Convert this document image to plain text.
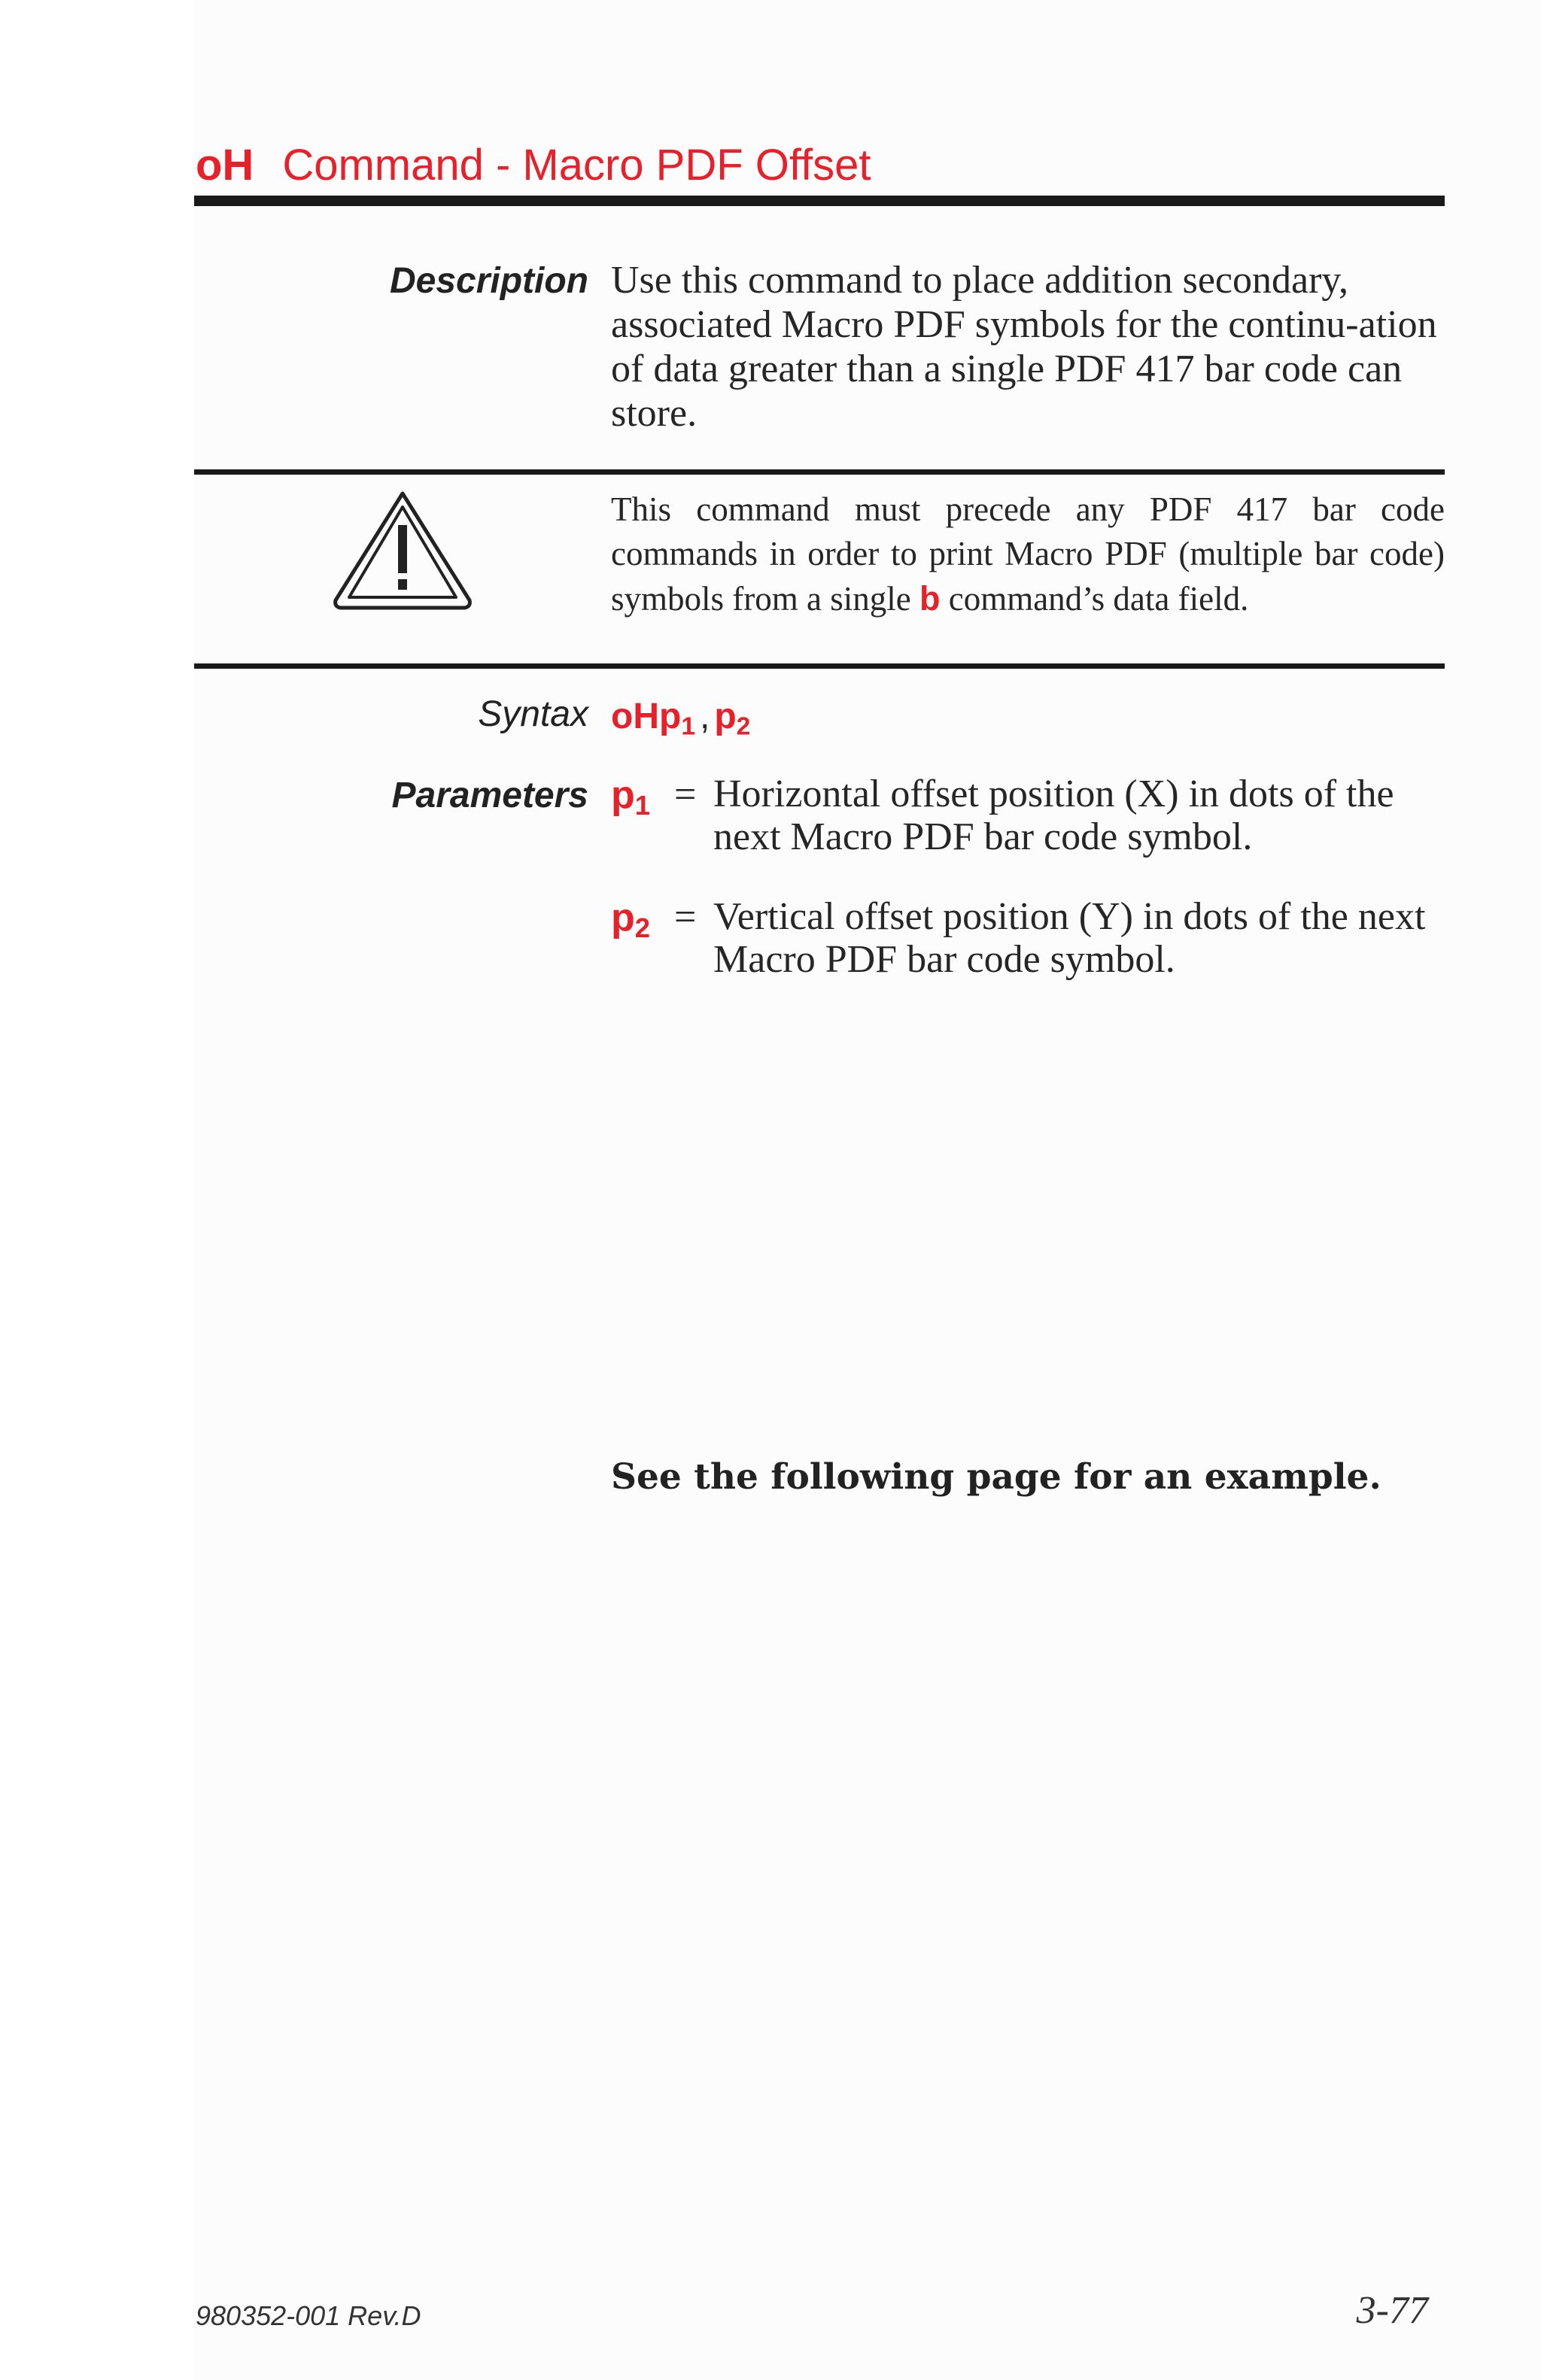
oH Command - Macro PDF Offset
Description Use this command to place addition secondary, associated Macro PDF symbols for the continu-ation of data greater than a single PDF 417 bar code can store.
This command must precede any PDF 417 bar code commands in order to print Macro PDF (multiple bar code) symbols from a single b command’s data field.
Syntax oHp$_1$ , $p_2$
Parameters $p_1$ = Horizontal offset position (X) in dots of the next Macro PDF bar code symbol.
$p_2$ = Vertical offset position (Y) in dots of the next Macro PDF bar code symbol.
See the following page for an example.
980352-001 Rev.D	3-77
